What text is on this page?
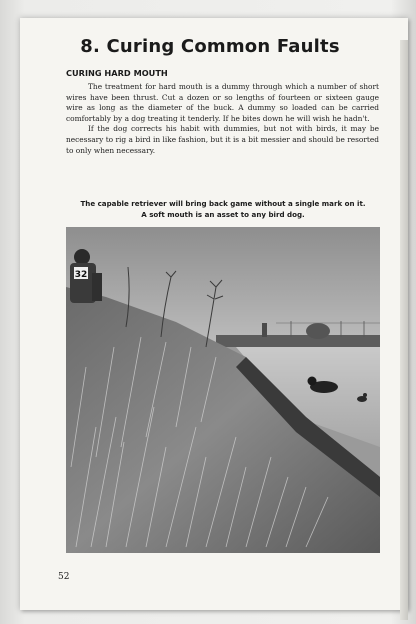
8. Curing Common Faults
CURING HARD MOUTH

The treatment for hard mouth is a dummy through which a number of short wires have been thrust. Cut a dozen or so lengths of fourteen or sixteen gauge wire as long as the diameter of the buck. A dummy so loaded can be carried comfortably by a dog treating it tenderly. If he bites down he will wish he hadn't.

If the dog corrects his habit with dummies, but not with birds, it may be necessary to rig a bird in like fashion, but it is a bit messier and should be resorted to only when necessary.

The capable retriever will bring back game without a single mark on it.
A soft mouth is an asset to any bird dog.
32
52
